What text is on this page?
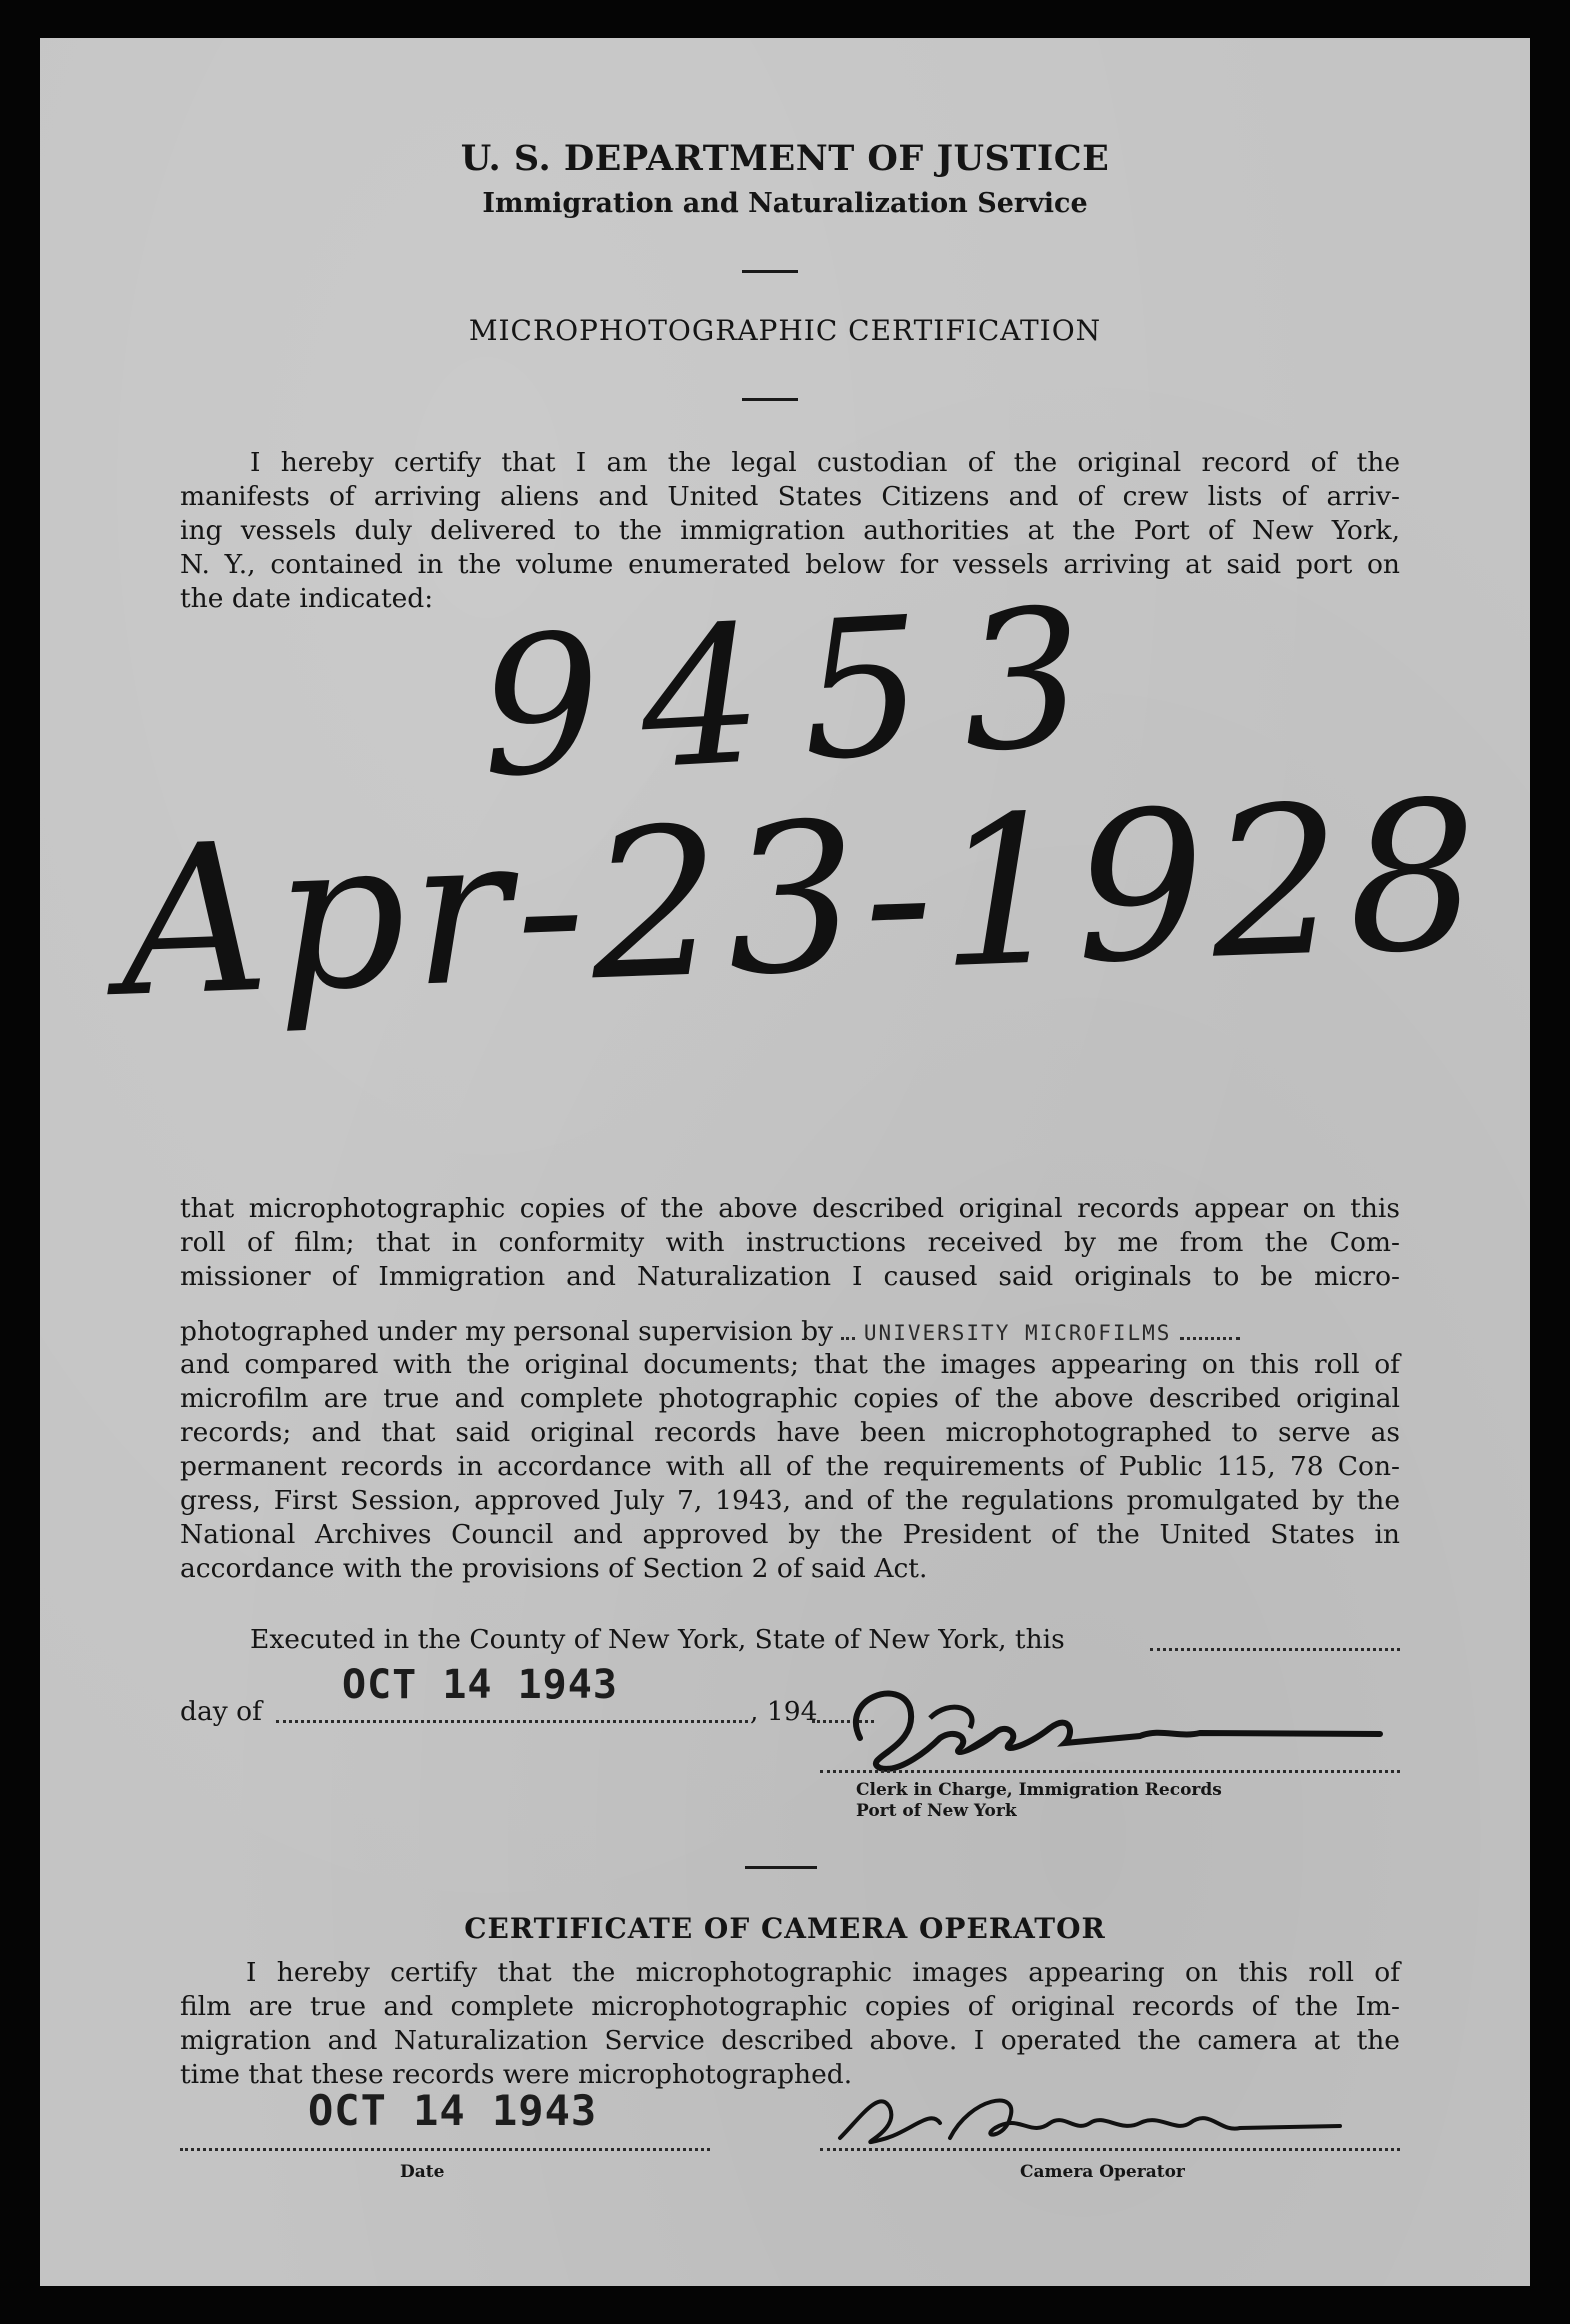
U. S. DEPARTMENT OF JUSTICE
Immigration and Naturalization Service
MICROPHOTOGRAPHIC CERTIFICATION
I hereby certify that I am the legal custodian of the original record of the
manifests of arriving aliens and United States Citizens and of crew lists of arriv-
ing vessels duly delivered to the immigration authorities at the Port of New York,
N. Y., contained in the volume enumerated below for vessels arriving at said port on
the date indicated: 9453
Apr-23-1928
that microphotographic copies of the above described original records appear on this
roll of film; that in conformity with instructions received by me from the Com-
missioner of Immigration and Naturalization I caused said originals to be micro-
photographed under my personal supervision by UNIVERSITY MICROFILMS
and compared with the original documents; that the images appearing on this roll of
microfilm are true and complete photographic copies of the above described original
records; and that said original records have been microphotographed to serve as
permanent records in accordance with all of the requirements of Public 115, 78 Con-
gress, First Session, approved July 7, 1943, and of the regulations promulgated by the
National Archives Council and approved by the President of the United States in
accordance with the provisions of Section 2 of said Act.
Executed in the County of New York, State of New York, this
day of
OCT 14 1943
, 194
Clerk in Charge, Immigration Records
Port of New York
CERTIFICATE OF CAMERA OPERATOR
I hereby certify that the microphotographic images appearing on this roll of
film are true and complete microphotographic copies of original records of the Im-
migration and Naturalization Service described above. I operated the camera at the
time that these records were microphotographed.
OCT 14 1943
Date	Camera Operator
